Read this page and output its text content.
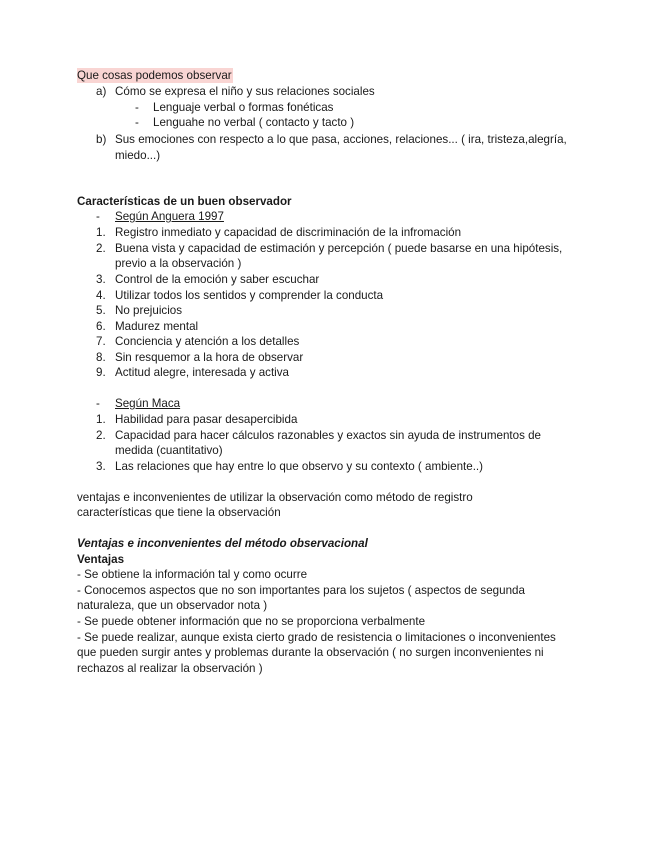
Que cosas podemos observar
a) Cómo se expresa el niño y sus relaciones sociales
- Lenguaje verbal o formas fonéticas
- Lenguahe no verbal ( contacto y tacto )
b) Sus emociones con respecto a lo que pasa, acciones, relaciones... ( ira, tristeza,alegría,
miedo...)
Características de un buen observador
- Según Anguera 1997
1. Registro inmediato y capacidad de discriminación de la infromación
2. Buena vista y capacidad de estimación y percepción ( puede basarse en una hipótesis,
previo a la observación )
3. Control de la emoción y saber escuchar
4. Utilizar todos los sentidos y comprender la conducta
5. No prejuicios
6. Madurez mental
7. Conciencia y atención a los detalles
8. Sin resquemor a la hora de observar
9. Actitud alegre, interesada y activa
- Según Maca
1. Habilidad para pasar desapercibida
2. Capacidad para hacer cálculos razonables y exactos sin ayuda de instrumentos de
medida (cuantitativo)
3. Las relaciones que hay entre lo que observo y su contexto ( ambiente..)
ventajas e inconvenientes de utilizar la observación como método de registro
características que tiene la observación
Ventajas e inconvenientes del método observacional
Ventajas
- Se obtiene la información tal y como ocurre
- Conocemos aspectos que no son importantes para los sujetos ( aspectos de segunda
naturaleza, que un observador nota )
- Se puede obtener información que no se proporciona verbalmente
- Se puede realizar, aunque exista cierto grado de resistencia o limitaciones o inconvenientes
que pueden surgir antes y problemas durante la observación ( no surgen inconvenientes ni
rechazos al realizar la observación )
